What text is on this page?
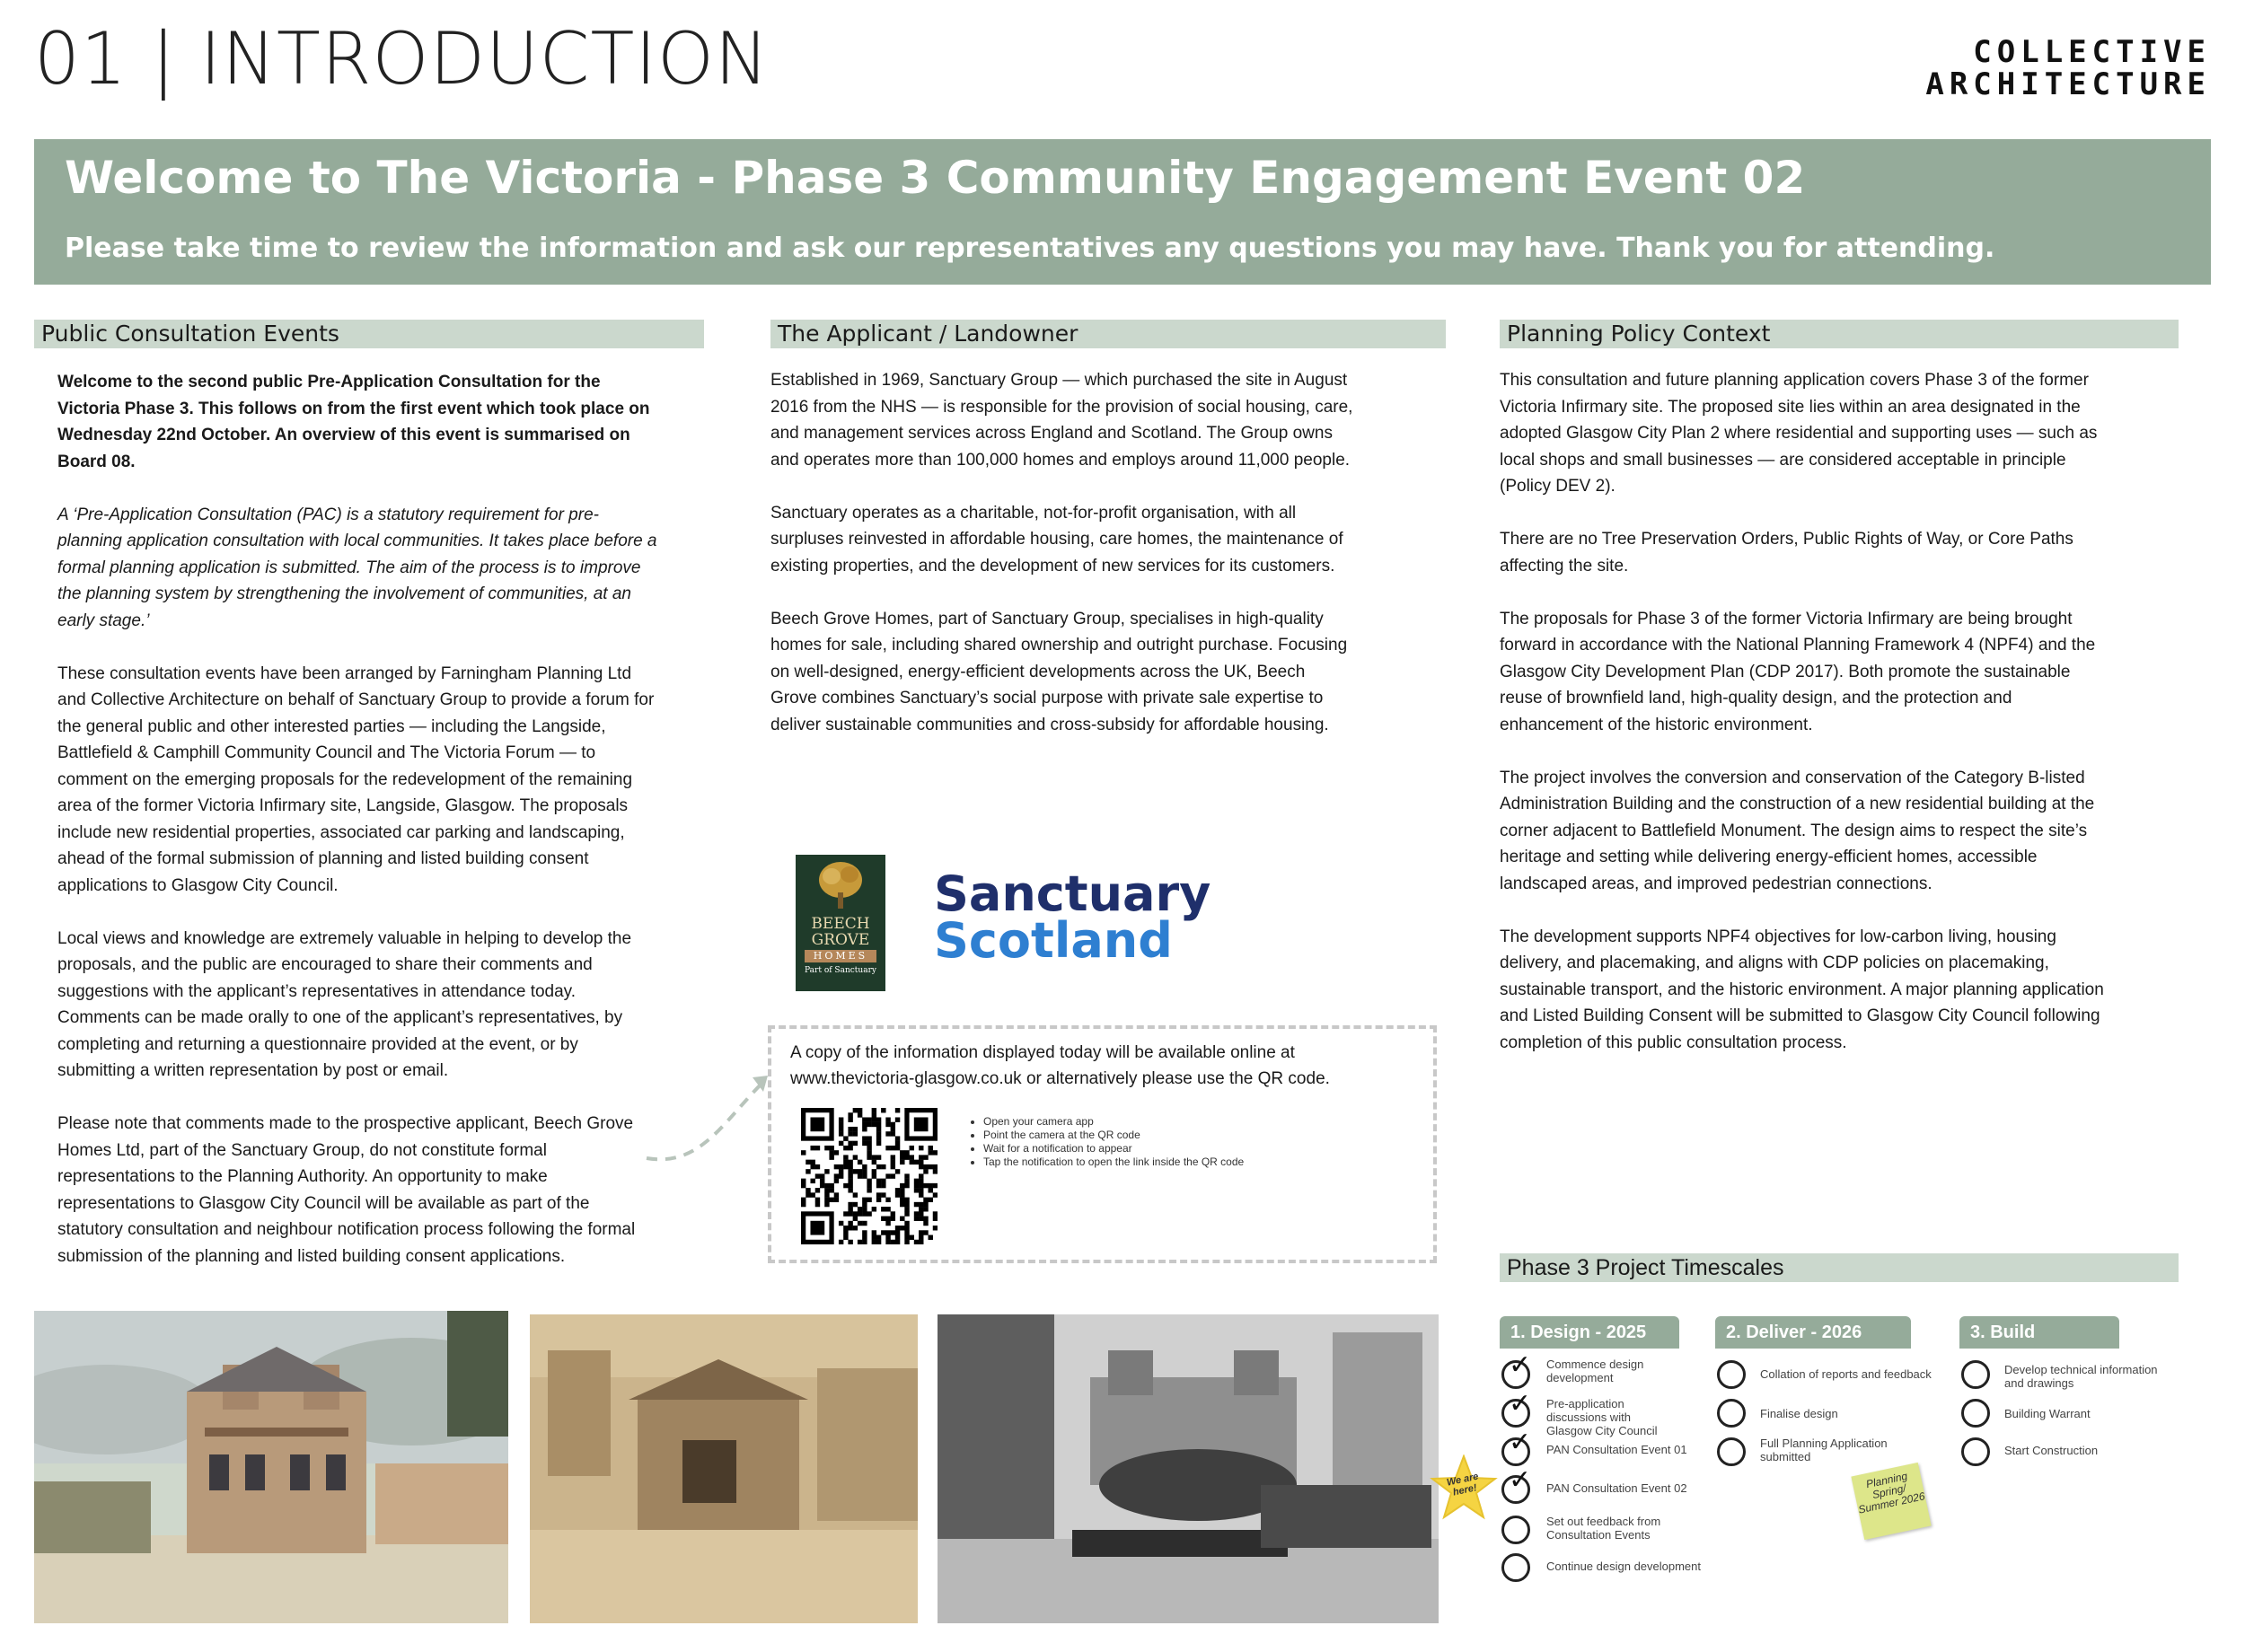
01 | INTRODUCTION	COLLECTIVE
ARCHITECTURE
Welcome to The Victoria - Phase 3 Community Engagement Event 02

Please take time to review the information and ask our representatives any questions you may have. Thank you for attending.

Public Consultation Events

Welcome to the second public Pre-Application Consultation for the Victoria Phase 3. This follows on from the first event which took place on Wednesday 22nd October. An overview of this event is summarised on Board 08.

A ‘Pre-Application Consultation (PAC) is a statutory requirement for pre-planning application consultation with local communities. It takes place before a formal planning application is submitted. The aim of the process is to improve the planning system by strengthening the involvement of communities, at an early stage.’

These consultation events have been arranged by Farningham Planning Ltd and Collective Architecture on behalf of Sanctuary Group to provide a forum for the general public and other interested parties — including the Langside, Battlefield & Camphill Community Council and The Victoria Forum — to comment on the emerging proposals for the redevelopment of the remaining area of the former Victoria Infirmary site, Langside, Glasgow. The proposals include new residential properties, associated car parking and landscaping, ahead of the formal submission of planning and listed building consent applications to Glasgow City Council.

Local views and knowledge are extremely valuable in helping to develop the proposals, and the public are encouraged to share their comments and suggestions with the applicant’s representatives in attendance today. Comments can be made orally to one of the applicant’s representatives, by completing and returning a questionnaire provided at the event, or by submitting a written representation by post or email.

Please note that comments made to the prospective applicant, Beech Grove Homes Ltd, part of the Sanctuary Group, do not constitute formal representations to the Planning Authority. An opportunity to make representations to Glasgow City Council will be available as part of the statutory consultation and neighbour notification process following the formal submission of the planning and listed building consent applications.

The Applicant / Landowner

Established in 1969, Sanctuary Group — which purchased the site in August 2016 from the NHS — is responsible for the provision of social housing, care, and management services across England and Scotland. The Group owns and operates more than 100,000 homes and employs around 11,000 people.

Sanctuary operates as a charitable, not-for-profit organisation, with all surpluses reinvested in affordable housing, care homes, the maintenance of existing properties, and the development of new services for its customers.

Beech Grove Homes, part of Sanctuary Group, specialises in high-quality homes for sale, including shared ownership and outright purchase. Focusing on well-designed, energy-efficient developments across the UK, Beech Grove combines Sanctuary’s social purpose with private sale expertise to deliver sustainable communities and cross-subsidy for affordable housing.

BEECH
GROVE
HOMES
Part of Sanctuary
Sanctuary
Scotland
A copy of the information displayed today will be available online at www.thevictoria-glasgow.co.uk or alternatively please use the QR code.
• Open your camera app
• Point the camera at the QR code
• Wait for a notification to appear
• Tap the notification to open the link inside the QR code
Planning Policy Context

This consultation and future planning application covers Phase 3 of the former Victoria Infirmary site. The proposed site lies within an area designated in the adopted Glasgow City Plan 2 where residential and supporting uses — such as local shops and small businesses — are considered acceptable in principle (Policy DEV 2).

There are no Tree Preservation Orders, Public Rights of Way, or Core Paths affecting the site.

The proposals for Phase 3 of the former Victoria Infirmary are being brought forward in accordance with the National Planning Framework 4 (NPF4) and the Glasgow City Development Plan (CDP 2017). Both promote the sustainable reuse of brownfield land, high-quality design, and the protection and enhancement of the historic environment.

The project involves the conversion and conservation of the Category B-listed Administration Building and the construction of a new residential building at the corner adjacent to Battlefield Monument. The design aims to respect the site’s heritage and setting while delivering energy-efficient homes, accessible landscaped areas, and improved pedestrian connections.

The development supports NPF4 objectives for low-carbon living, housing delivery, and placemaking, and aligns with CDP policies on placemaking, sustainable transport, and the historic environment. A major planning application and Listed Building Consent will be submitted to Glasgow City Council following completion of this public consultation process.

Phase 3 Project Timescales
1. Design - 2025	2. Deliver - 2026	3. Build
✓ Commence design development
✓ Pre-application discussions with Glasgow City Council
✓ PAN Consultation Event 01
✓ PAN Consultation Event 02
Set out feedback from Consultation Events
Continue design development
We are here!
Collation of reports and feedback
Finalise design
Full Planning Application submitted
Planning Spring/ Summer 2026
Develop technical information and drawings
Building Warrant
Start Construction
